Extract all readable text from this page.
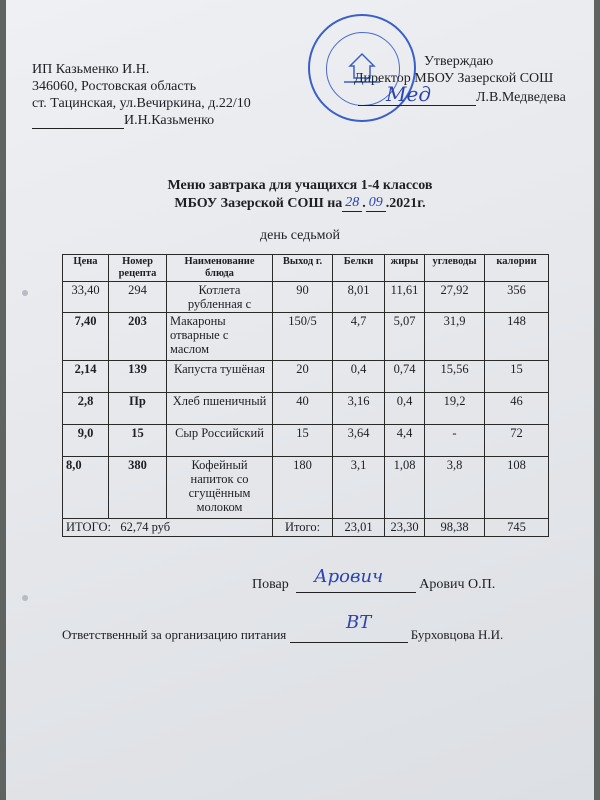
ИП Казьменко И.Н.
346060, Ростовская область
ст. Тацинская, ул.Вечиркина, д.22/10
И.Н.Казьменко
Утверждаю
Директор МБОУ Зазерской СОШ
Л.В.Медведева
Мед
Меню завтрака для учащихся 1-4 классов
МБОУ Зазерской СОШ на 28 . 09 .2021г.
день седьмой
Цена	Номер рецепта	Наименование блюда	Выход г.	Белки	жиры	углеводы	калории
33,40	294	Котлета рубленная с	90	8,01	11,61	27,92	356
7,40	203	Макароны отварные с маслом	150/5	4,7	5,07	31,9	148
2,14	139	Капуста тушёная	20	0,4	0,74	15,56	15
2,8	Пр	Хлеб пшеничный	40	3,16	0,4	19,2	46
9,0	15	Сыр Российский	15	3,64	4,4	-	72
8,0	380	Кофейный напиток со сгущённым молоком	180	3,1	1,08	3,8	108
ИТОГО: 62,74 руб			Итого:	23,01	23,30	98,38	745
Повар	Арович О.П.
Арович
Ответственный за организацию питания	Бурховцова Н.И.
ВТ
